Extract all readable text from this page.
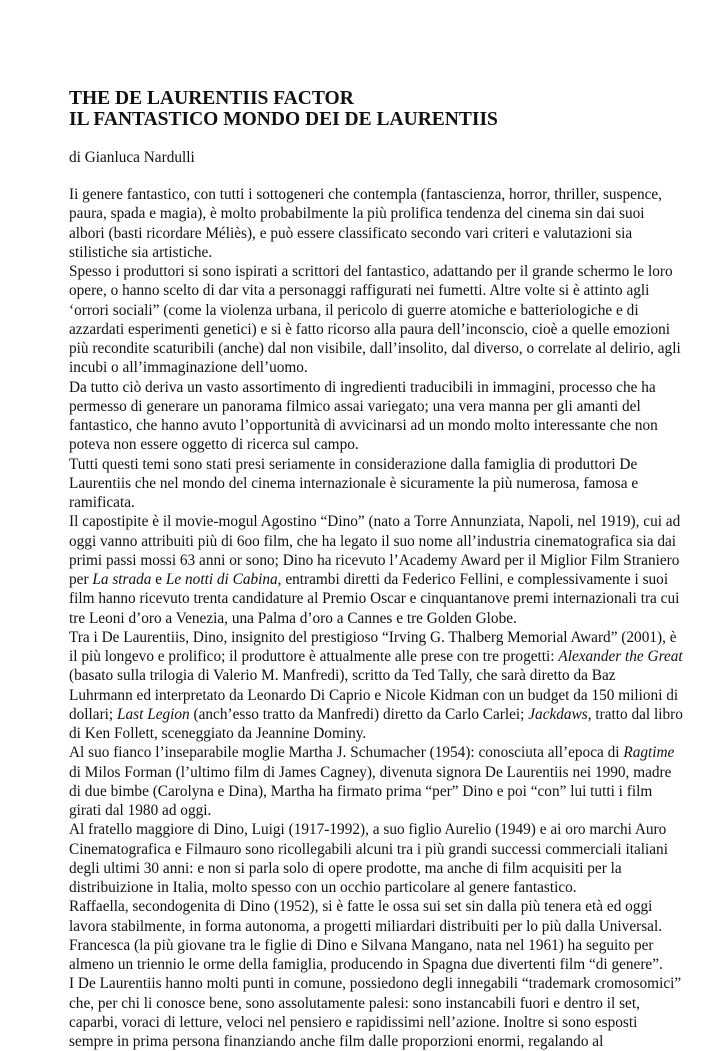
THE DE LAURENTIIS FACTOR
IL FANTASTICO MONDO DEI DE LAURENTIIS
di Gianluca Nardulli
Ii genere fantastico, con tutti i sottogeneri che contempla (fantascienza, horror, thriller, suspence,
paura, spada e magia), è molto probabilmente la più prolifica tendenza del cinema sin dai suoi
albori (basti ricordare Méliès), e può essere classificato secondo vari criteri e valutazioni sia
stilistiche sia artistiche.
Spesso i produttori si sono ispirati a scrittori del fantastico, adattando per il grande schermo le loro
opere, o hanno scelto di dar vita a personaggi raffigurati nei fumetti. Altre volte si è attinto agli
‘orrori sociali” (come la violenza urbana, il pericolo di guerre atomiche e batteriologiche e di
azzardati esperimenti genetici) e si è fatto ricorso alla paura dell’inconscio, cioè a quelle emozioni
più recondite scaturibili (anche) dal non visibile, dall’insolito, dal diverso, o correlate al delirio, agli
incubi o all’immaginazione dell’uomo.
Da tutto ciò deriva un vasto assortimento di ingredienti traducibili in immagini, processo che ha
permesso di generare un panorama filmico assai variegato; una vera manna per gli amanti del
fantastico, che hanno avuto l’opportunità di avvicinarsi ad un mondo molto interessante che non
poteva non essere oggetto di ricerca sul campo.
Tutti questi temi sono stati presi seriamente in considerazione dalla famiglia di produttori De
Laurentiis che nel mondo del cinema internazionale è sicuramente la più numerosa, famosa e
ramificata.
Il capostipite è il movie-mogul Agostino “Dino” (nato a Torre Annunziata, Napoli, nel 1919), cui ad
oggi vanno attribuiti più di 6oo film, che ha legato il suo nome all’industria cinematografica sia dai
primi passi mossi 63 anni or sono; Dino ha ricevuto l’Academy Award per il Miglior Film Straniero
per La strada e Le notti di Cabina, entrambi diretti da Federico Fellini, e complessivamente i suoi
film hanno ricevuto trenta candidature al Premio Oscar e cinquantanove premi internazionali tra cui
tre Leoni d’oro a Venezia, una Palma d’oro a Cannes e tre Golden Globe.
Tra i De Laurentiis, Dino, insignito del prestigioso “Irving G. Thalberg Memorial Award” (2001), è
il più longevo e prolifico; il produttore è attualmente alle prese con tre progetti: Alexander the Great
(basato sulla trilogia di Valerio M. Manfredi), scritto da Ted Tally, che sarà diretto da Baz
Luhrmann ed interpretato da Leonardo Di Caprio e Nicole Kidman con un budget da 150 milioni di
dollari; Last Legion (anch’esso tratto da Manfredi) diretto da Carlo Carlei; Jackdaws, tratto dal libro
di Ken Follett, sceneggiato da Jeannine Dominy.
Al suo fianco l’inseparabile moglie Martha J. Schumacher (1954): conosciuta all’epoca di Ragtime
di Milos Forman (l’ultimo film di James Cagney), divenuta signora De Laurentiis nei 1990, madre
di due bimbe (Carolyna e Dina), Martha ha firmato prima “per” Dino e poi “con” lui tutti i film
girati dal 1980 ad oggi.
Al fratello maggiore di Dino, Luigi (1917-1992), a suo figlio Aurelio (1949) e ai oro marchi Auro
Cinematografica e Filmauro sono ricollegabili alcuni tra i più grandi successi commerciali italiani
degli ultimi 30 anni: e non si parla solo di opere prodotte, ma anche di film acquisiti per la
distribuizione in Italia, molto spesso con un occhio particolare al genere fantastico.
Raffaella, secondogenita di Dino (1952), si è fatte le ossa sui set sin dalla più tenera età ed oggi
lavora stabilmente, in forma autonoma, a progetti miliardari distribuiti per lo più dalla Universal.
Francesca (la più giovane tra le figlie di Dino e Silvana Mangano, nata nel 1961) ha seguito per
almeno un triennio le orme della famiglia, producendo in Spagna due divertenti film “di genere”.
I De Laurentiis hanno molti punti in comune, possiedono degli innegabili “trademark cromosomici”
che, per chi li conosce bene, sono assolutamente palesi: sono instancabili fuori e dentro il set,
caparbi, voraci di letture, veloci nel pensiero e rapidissimi nell’azione. Inoltre si sono esposti
sempre in prima persona finanziando anche film dalle proporzioni enormi, regalando al
